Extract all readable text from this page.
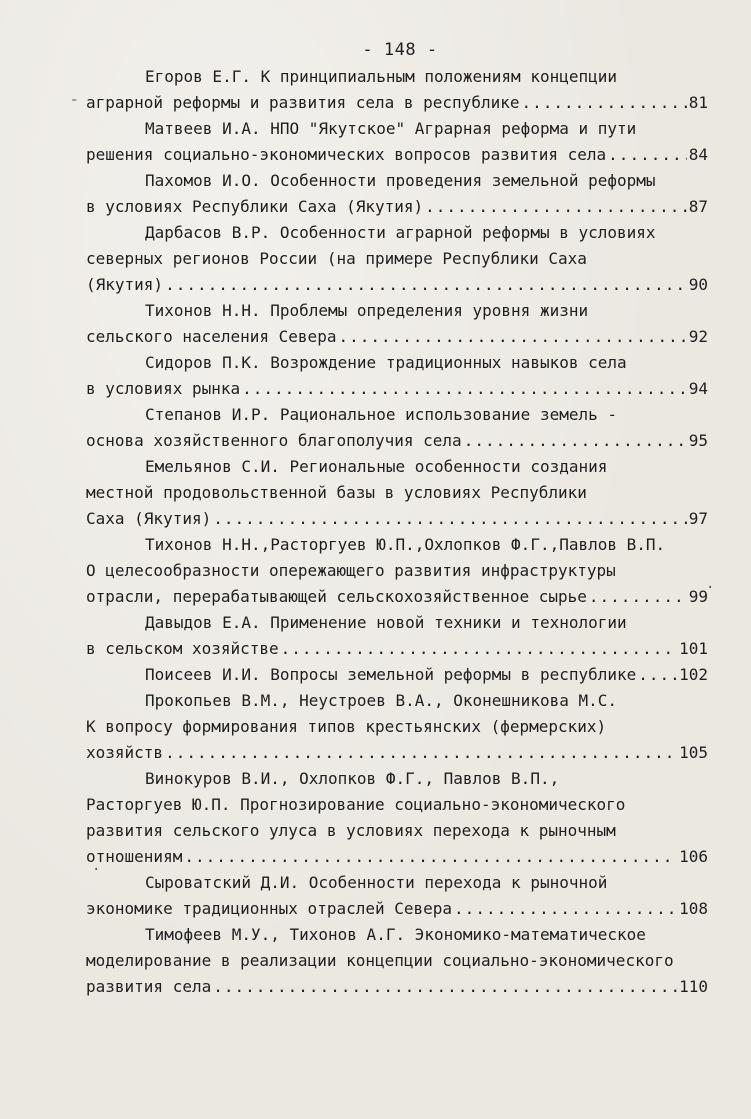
- 148 -
Егоров Е.Г. К принципиальным положениям концепции
аграрной реформы и развития села в республике .....	81
Матвеев И.А. НПО "Якутское" Аграрная реформа и пути
решения социально-экономических вопросов развития села .....	84
Пахомов И.О. Особенности проведения земельной реформы
в условиях Республики Саха (Якутия) .....	87
Дарбасов В.Р. Особенности аграрной реформы в условиях
северных регионов России (на примере Республики Саха
(Якутия) .....	90
Тихонов Н.Н. Проблемы определения уровня жизни
сельского населения Севера .....	92
Сидоров П.К. Возрождение традиционных навыков села
в условиях рынка .....	94
Степанов И.Р. Рациональное использование земель -
основа хозяйственного благополучия села .....	95
Емельянов С.И. Региональные особенности создания
местной продовольственной базы в условиях Республики
Саха (Якутия) .....	97
Тихонов Н.Н.,Расторгуев Ю.П.,Охлопков Ф.Г.,Павлов В.П.
О целесообразности опережающего развития инфраструктуры
отрасли, перерабатывающей сельскохозяйственное сырье .....	99
Давыдов Е.А. Применение новой техники и технологии
в сельском хозяйстве .....	101
Поисеев И.И. Вопросы земельной реформы в республике .....	102
Прокопьев В.М., Неустроев В.А., Оконешникова М.С.
К вопросу формирования типов крестьянских (фермерских)
хозяйств .....	105
Винокуров В.И., Охлопков Ф.Г., Павлов В.П.,
Расторгуев Ю.П. Прогнозирование социально-экономического
развития сельского улуса в условиях перехода к рыночным
отношениям .....	106
Сыроватский Д.И. Особенности перехода к рыночной
экономике традиционных отраслей Севера .....	108
Тимофеев М.У., Тихонов А.Г. Экономико-математическое
моделирование в реализации концепции социально-экономического
развития села .....	110
ˉ
·
·
